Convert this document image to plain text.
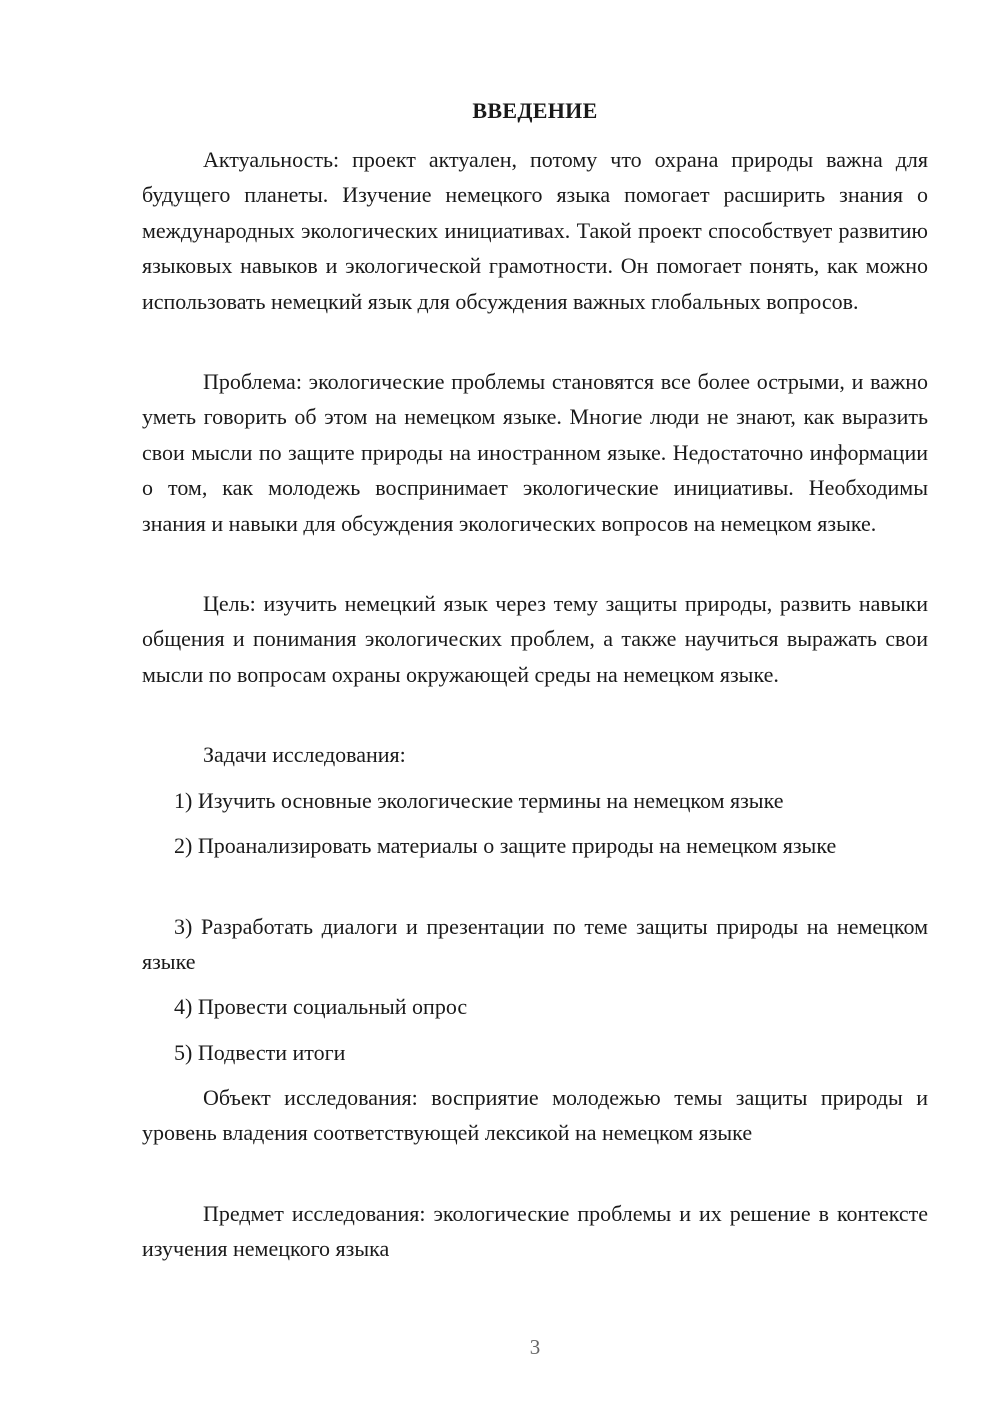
ВВЕДЕНИЕ

Актуальность: проект актуален, потому что охрана природы важна для будущего планеты. Изучение немецкого языка помогает расширить знания о международных экологических инициативах. Такой проект способствует развитию языковых навыков и экологической грамотности. Он помогает понять, как можно использовать немецкий язык для обсуждения важных глобальных вопросов.

Проблема: экологические проблемы становятся все более острыми, и важно уметь говорить об этом на немецком языке. Многие люди не знают, как выразить свои мысли по защите природы на иностранном языке. Недостаточно информации о том, как молодежь воспринимает экологические инициативы. Необходимы знания и навыки для обсуждения экологических вопросов на немецком языке.

Цель: изучить немецкий язык через тему защиты природы, развить навыки общения и понимания экологических проблем, а также научиться выражать свои мысли по вопросам охраны окружающей среды на немецком языке.

Задачи исследования:

1) Изучить основные экологические термины на немецком языке

2) Проанализировать материалы о защите природы на немецком языке

3) Разработать диалоги и презентации по теме защиты природы на немецком языке

4) Провести социальный опрос

5) Подвести итоги

Объект исследования: восприятие молодежью темы защиты природы и уровень владения соответствующей лексикой на немецком языке

Предмет исследования: экологические проблемы и их решение в контексте изучения немецкого языка

3
